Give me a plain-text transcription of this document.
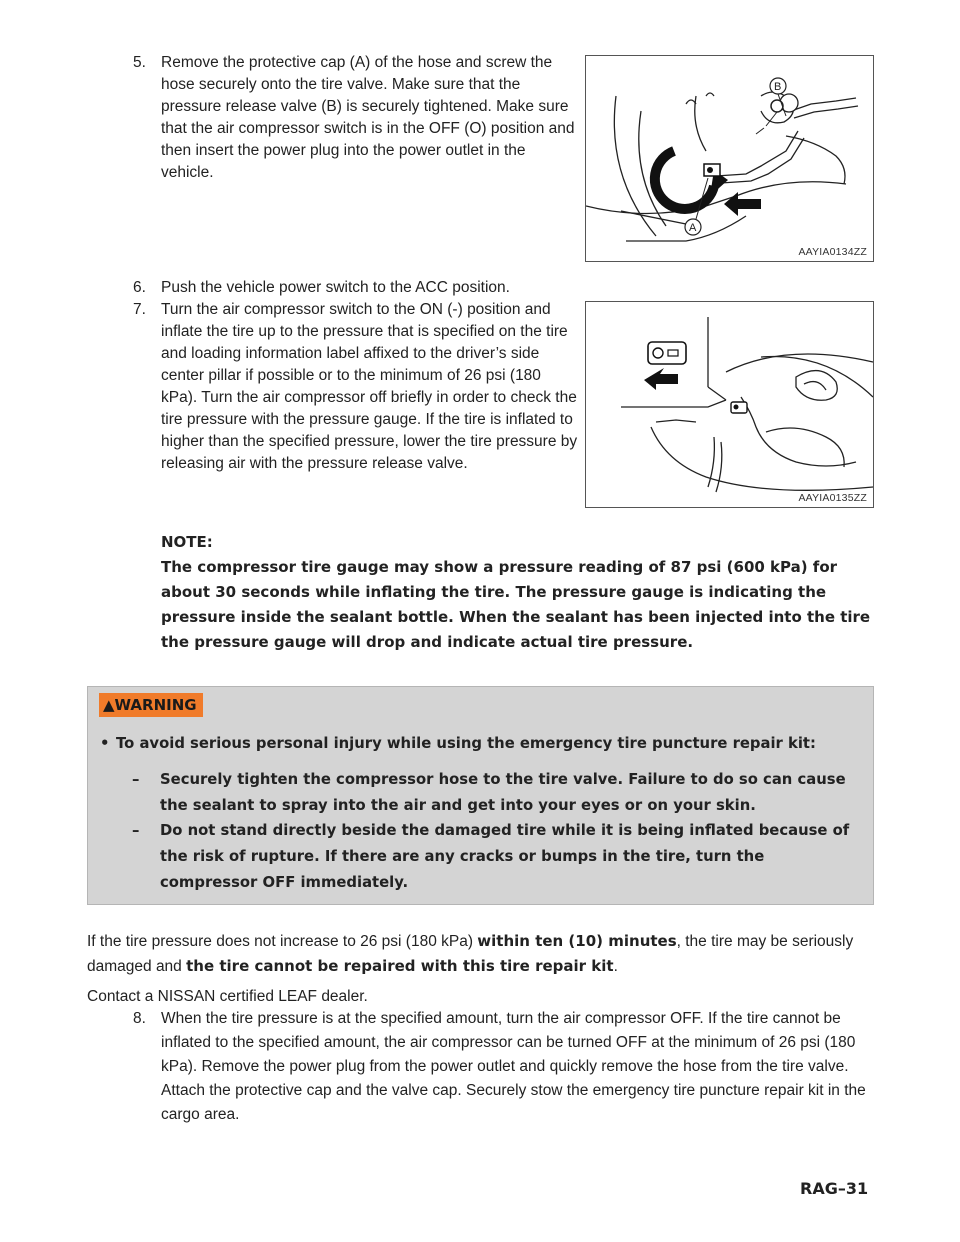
5. Remove the protective cap (A) of the hose and screw the hose securely onto the tire valve. Make sure that the pressure release valve (B) is securely tightened. Make sure that the air compressor switch is in the OFF (O) position and then insert the power plug into the power outlet in the vehicle.
B
A
AAYIA0134ZZ
6. Push the vehicle power switch to the ACC position.
7. Turn the air compressor switch to the ON (-) position and inflate the tire up to the pressure that is specified on the tire and loading information label affixed to the driver’s side center pillar if possible or to the minimum of 26 psi (180 kPa). Turn the air compressor off briefly in order to check the tire pressure with the pressure gauge. If the tire is inflated to higher than the specified pressure, lower the tire pressure by releasing air with the pressure release valve.
AAYIA0135ZZ
NOTE:
The compressor tire gauge may show a pressure reading of 87 psi (600 kPa) for about 30 seconds while inflating the tire. The pressure gauge is indicating the pressure inside the sealant bottle. When the sealant has been injected into the tire the pressure gauge will drop and indicate actual tire pressure.
▲WARNING
• To avoid serious personal injury while using the emergency tire puncture repair kit:
– Securely tighten the compressor hose to the tire valve. Failure to do so can cause the sealant to spray into the air and get into your eyes or on your skin.
– Do not stand directly beside the damaged tire while it is being inflated because of the risk of rupture. If there are any cracks or bumps in the tire, turn the compressor OFF immediately.
If the tire pressure does not increase to 26 psi (180 kPa) within ten (10) minutes, the tire may be seriously damaged and the tire cannot be repaired with this tire repair kit.
Contact a NISSAN certified LEAF dealer.
8. When the tire pressure is at the specified amount, turn the air compressor OFF. If the tire cannot be inflated to the specified amount, the air compressor can be turned OFF at the minimum of 26 psi (180 kPa). Remove the power plug from the power outlet and quickly remove the hose from the tire valve. Attach the protective cap and the valve cap. Securely stow the emergency tire puncture repair kit in the cargo area.
RAG–31
